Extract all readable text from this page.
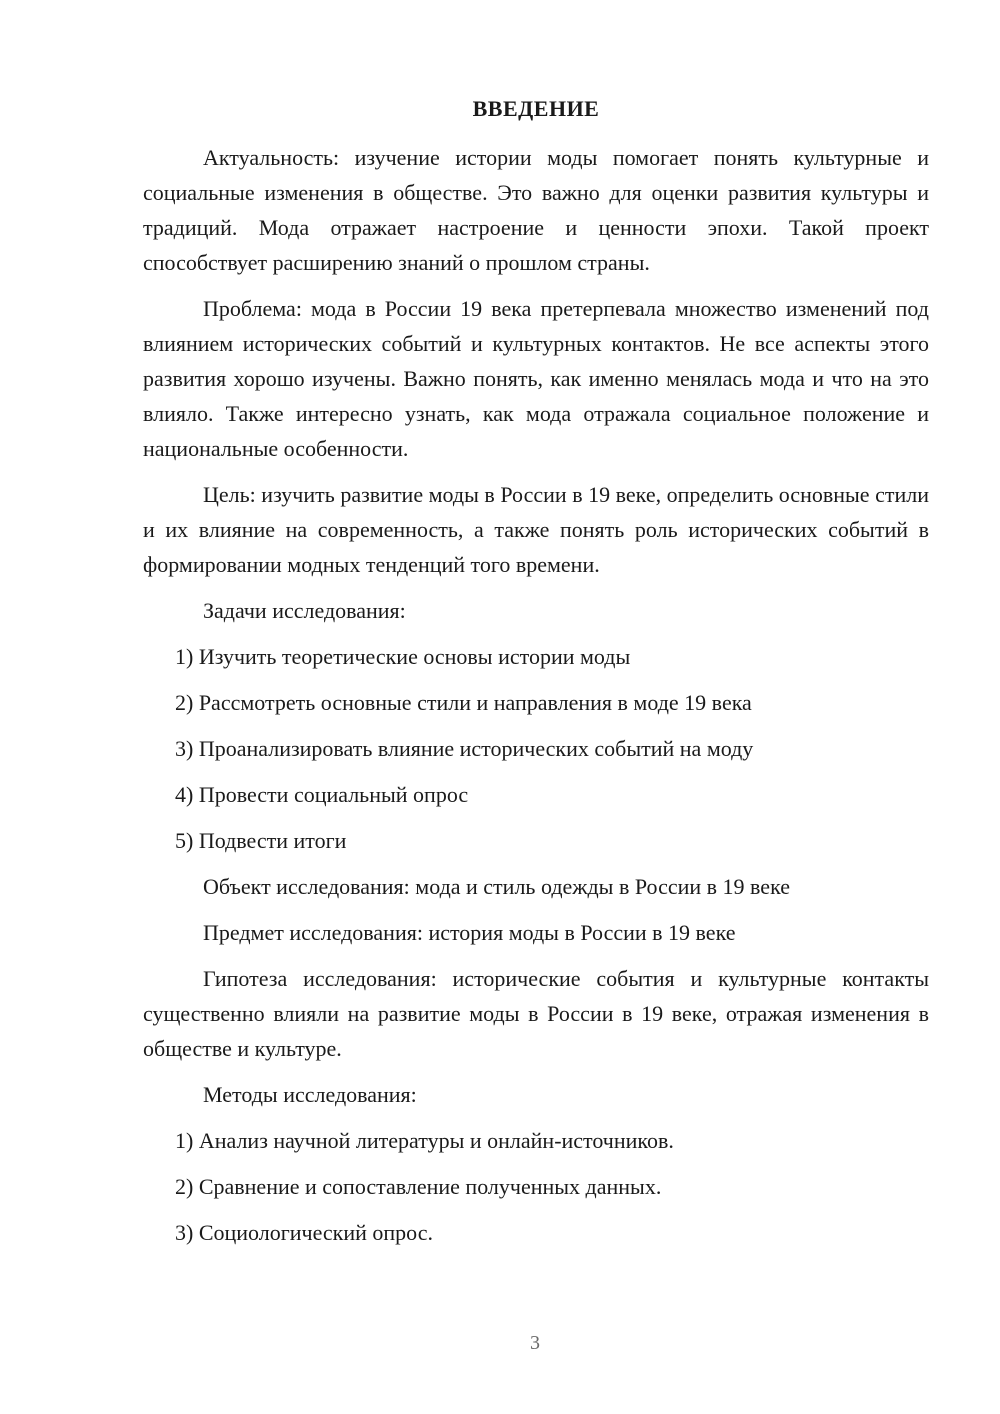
ВВЕДЕНИЕ

Актуальность: изучение истории моды помогает понять культурные и социальные изменения в обществе. Это важно для оценки развития культуры и традиций. Мода отражает настроение и ценности эпохи. Такой проект способствует расширению знаний о прошлом страны.

Проблема: мода в России 19 века претерпевала множество изменений под влиянием исторических событий и культурных контактов. Не все аспекты этого развития хорошо изучены. Важно понять, как именно менялась мода и что на это влияло. Также интересно узнать, как мода отражала социальное положение и национальные особенности.

Цель: изучить развитие моды в России в 19 веке, определить основные стили и их влияние на современность, а также понять роль исторических событий в формировании модных тенденций того времени.

Задачи исследования:

1) Изучить теоретические основы истории моды
2) Рассмотреть основные стили и направления в моде 19 века
3) Проанализировать влияние исторических событий на моду
4) Провести социальный опрос
5) Подвести итоги

Объект исследования: мода и стиль одежды в России в 19 веке

Предмет исследования: история моды в России в 19 веке

Гипотеза исследования: исторические события и культурные контакты существенно влияли на развитие моды в России в 19 веке, отражая изменения в обществе и культуре.

Методы исследования:

1) Анализ научной литературы и онлайн-источников.
2) Сравнение и сопоставление полученных данных.
3) Социологический опрос.
3
